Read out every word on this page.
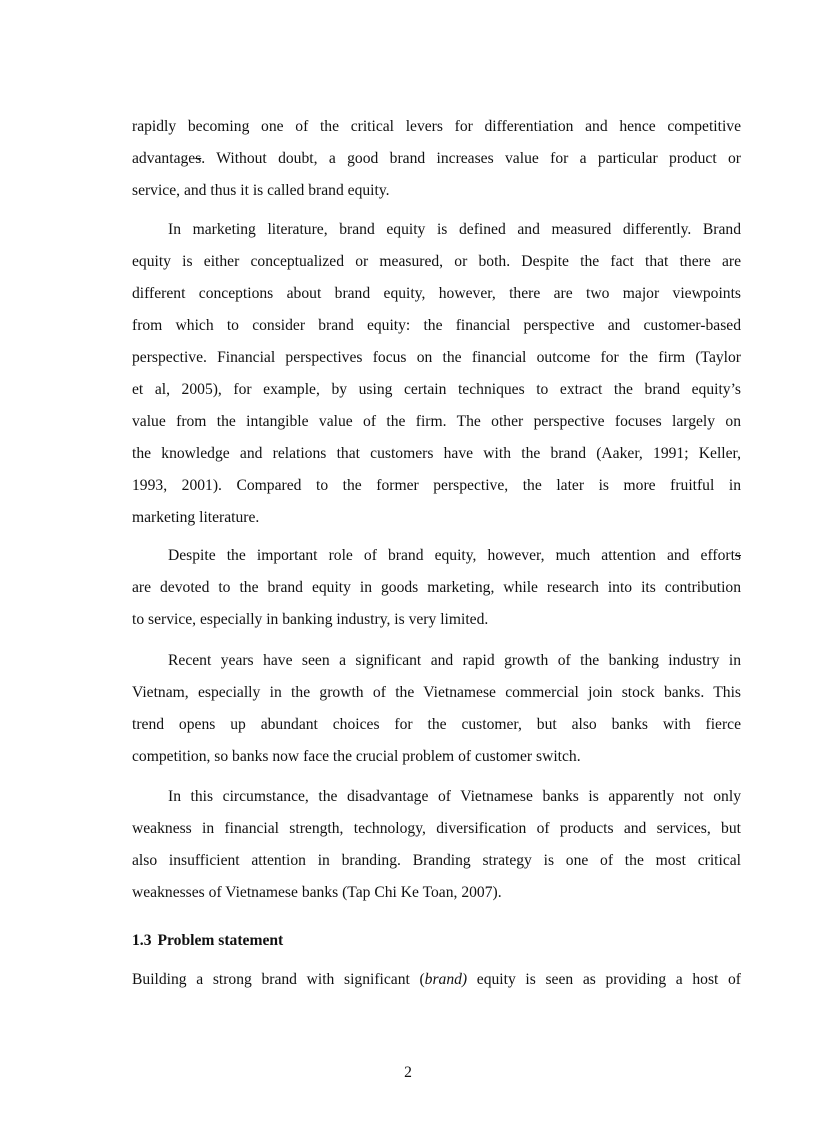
rapidly becoming one of the critical levers for differentiation and hence competitive
advantages. Without doubt, a good brand increases value for a particular product or
service, and thus it is called brand equity.
In marketing literature, brand equity is defined and measured differently. Brand
equity is either conceptualized or measured, or both. Despite the fact that there are
different conceptions about brand equity, however, there are two major viewpoints
from which to consider brand equity: the financial perspective and customer-based
perspective. Financial perspectives focus on the financial outcome for the firm (Taylor
et al, 2005), for example, by using certain techniques to extract the brand equity’s
value from the intangible value of the firm. The other perspective focuses largely on
the knowledge and relations that customers have with the brand (Aaker, 1991; Keller,
1993, 2001). Compared to the former perspective, the later is more fruitful in
marketing literature.
Despite the important role of brand equity, however, much attention and efforts
are devoted to the brand equity in goods marketing, while research into its contribution
to service, especially in banking industry, is very limited.
Recent years have seen a significant and rapid growth of the banking industry in
Vietnam, especially in the growth of the Vietnamese commercial join stock banks. This
trend opens up abundant choices for the customer, but also banks with fierce
competition, so banks now face the crucial problem of customer switch.
In this circumstance, the disadvantage of Vietnamese banks is apparently not only
weakness in financial strength, technology, diversification of products and services, but
also insufficient attention in branding. Branding strategy is one of the most critical
weaknesses of Vietnamese banks (Tap Chi Ke Toan, 2007).
1.3 Problem statement
Building a strong brand with significant (brand) equity is seen as providing a host of
2
